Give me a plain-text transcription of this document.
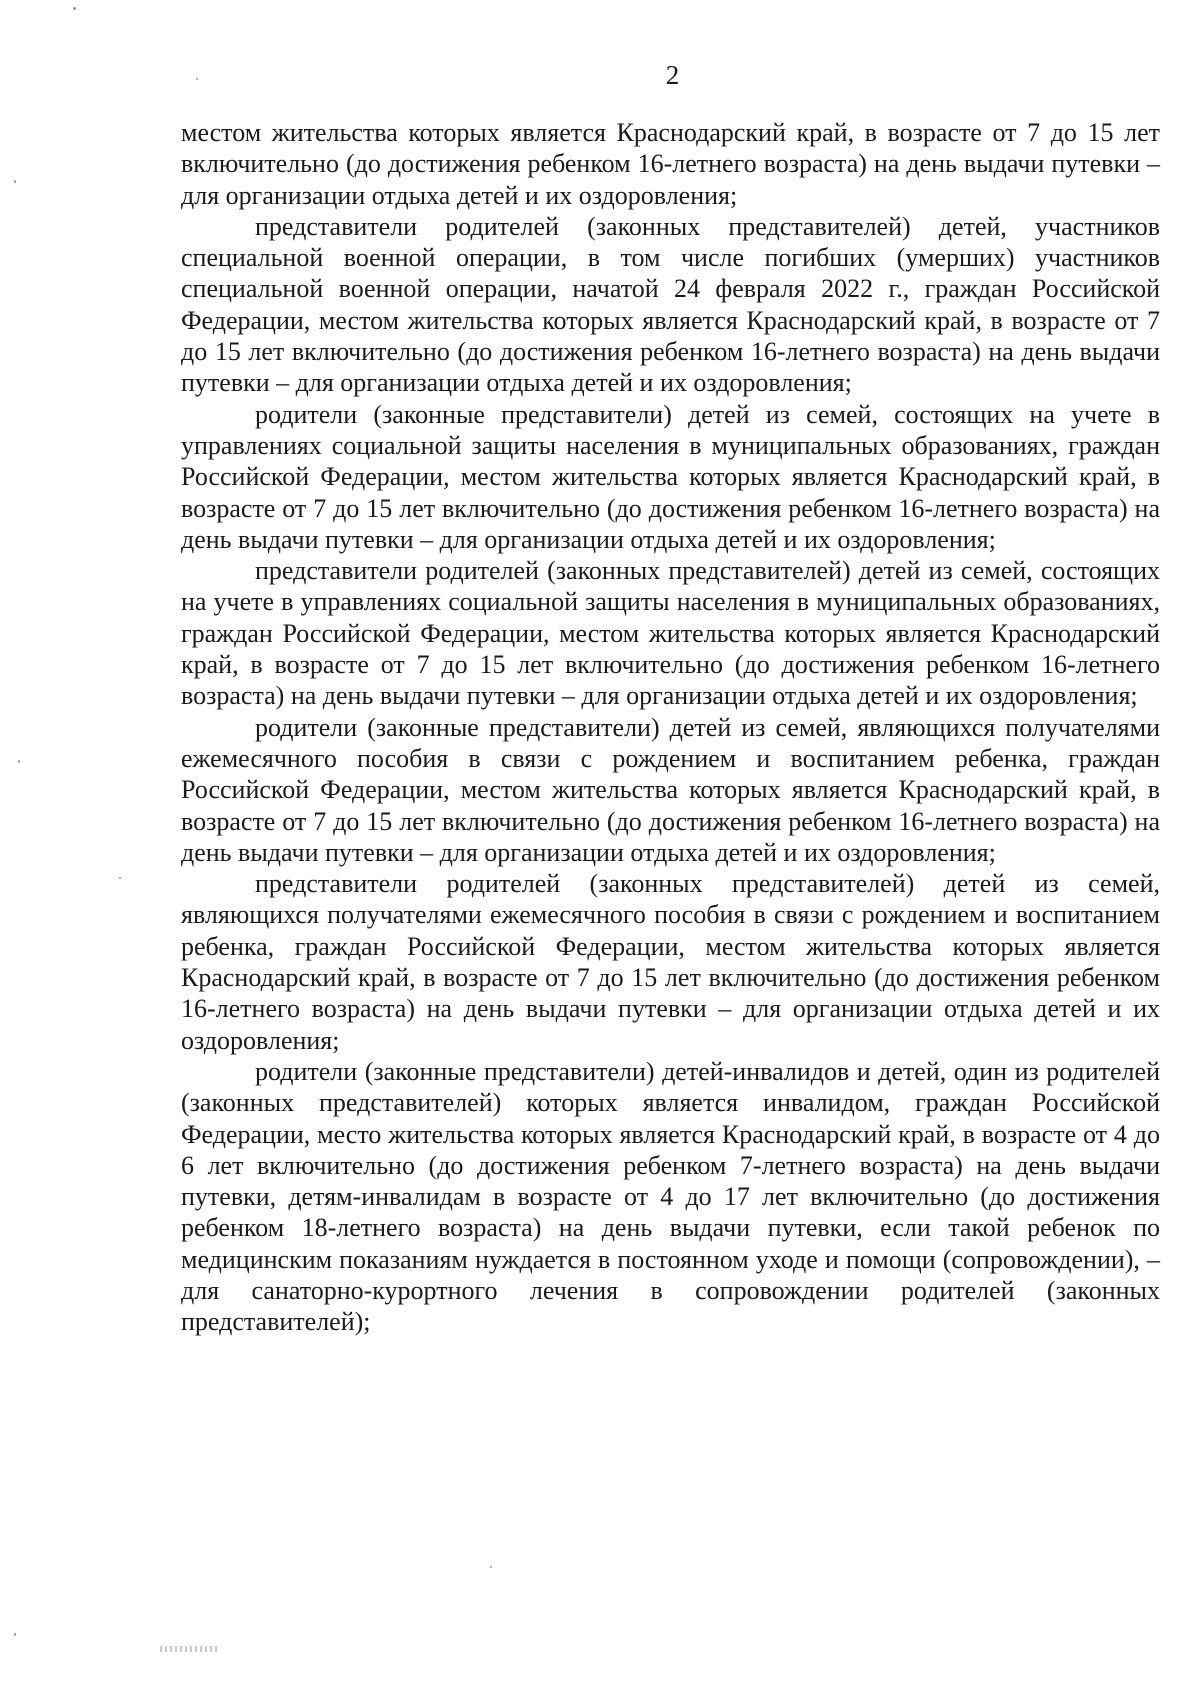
2

местом жительства которых является Краснодарский край, в возрасте от 7 до 15 лет включительно (до достижения ребенком 16-летнего возраста) на день выдачи путевки – для организации отдыха детей и их оздоровления;

представители родителей (законных представителей) детей, участников специальной военной операции, в том числе погибших (умерших) участников специальной военной операции, начатой 24 февраля 2022 г., граждан Российской Федерации, местом жительства которых является Краснодарский край, в возрасте от 7 до 15 лет включительно (до достижения ребенком 16-летнего возраста) на день выдачи путевки – для организации отдыха детей и их оздоровления;

родители (законные представители) детей из семей, состоящих на учете в управлениях социальной защиты населения в муниципальных образованиях, граждан Российской Федерации, местом жительства которых является Краснодарский край, в возрасте от 7 до 15 лет включительно (до достижения ребенком 16-летнего возраста) на день выдачи путевки – для организации отдыха детей и их оздоровления;

представители родителей (законных представителей) детей из семей, состоящих на учете в управлениях социальной защиты населения в муниципальных образованиях, граждан Российской Федерации, местом жительства которых является Краснодарский край, в возрасте от 7 до 15 лет включительно (до достижения ребенком 16-летнего возраста) на день выдачи путевки – для организации отдыха детей и их оздоровления;

родители (законные представители) детей из семей, являющихся получателями ежемесячного пособия в связи с рождением и воспитанием ребенка, граждан Российской Федерации, местом жительства которых является Краснодарский край, в возрасте от 7 до 15 лет включительно (до достижения ребенком 16-летнего возраста) на день выдачи путевки – для организации отдыха детей и их оздоровления;

представители родителей (законных представителей) детей из семей, являющихся получателями ежемесячного пособия в связи с рождением и воспитанием ребенка, граждан Российской Федерации, местом жительства которых является Краснодарский край, в возрасте от 7 до 15 лет включительно (до достижения ребенком 16-летнего возраста) на день выдачи путевки – для организации отдыха детей и их оздоровления;

родители (законные представители) детей-инвалидов и детей, один из родителей (законных представителей) которых является инвалидом, граждан Российской Федерации, место жительства которых является Краснодарский край, в возрасте от 4 до 6 лет включительно (до достижения ребенком 7-летнего возраста) на день выдачи путевки, детям-инвалидам в возрасте от 4 до 17 лет включительно (до достижения ребенком 18-летнего возраста) на день выдачи путевки, если такой ребенок по медицинским показаниям нуждается в постоянном уходе и помощи (сопровождении), – для санаторно-курортного лечения в сопровождении родителей (законных представителей);
